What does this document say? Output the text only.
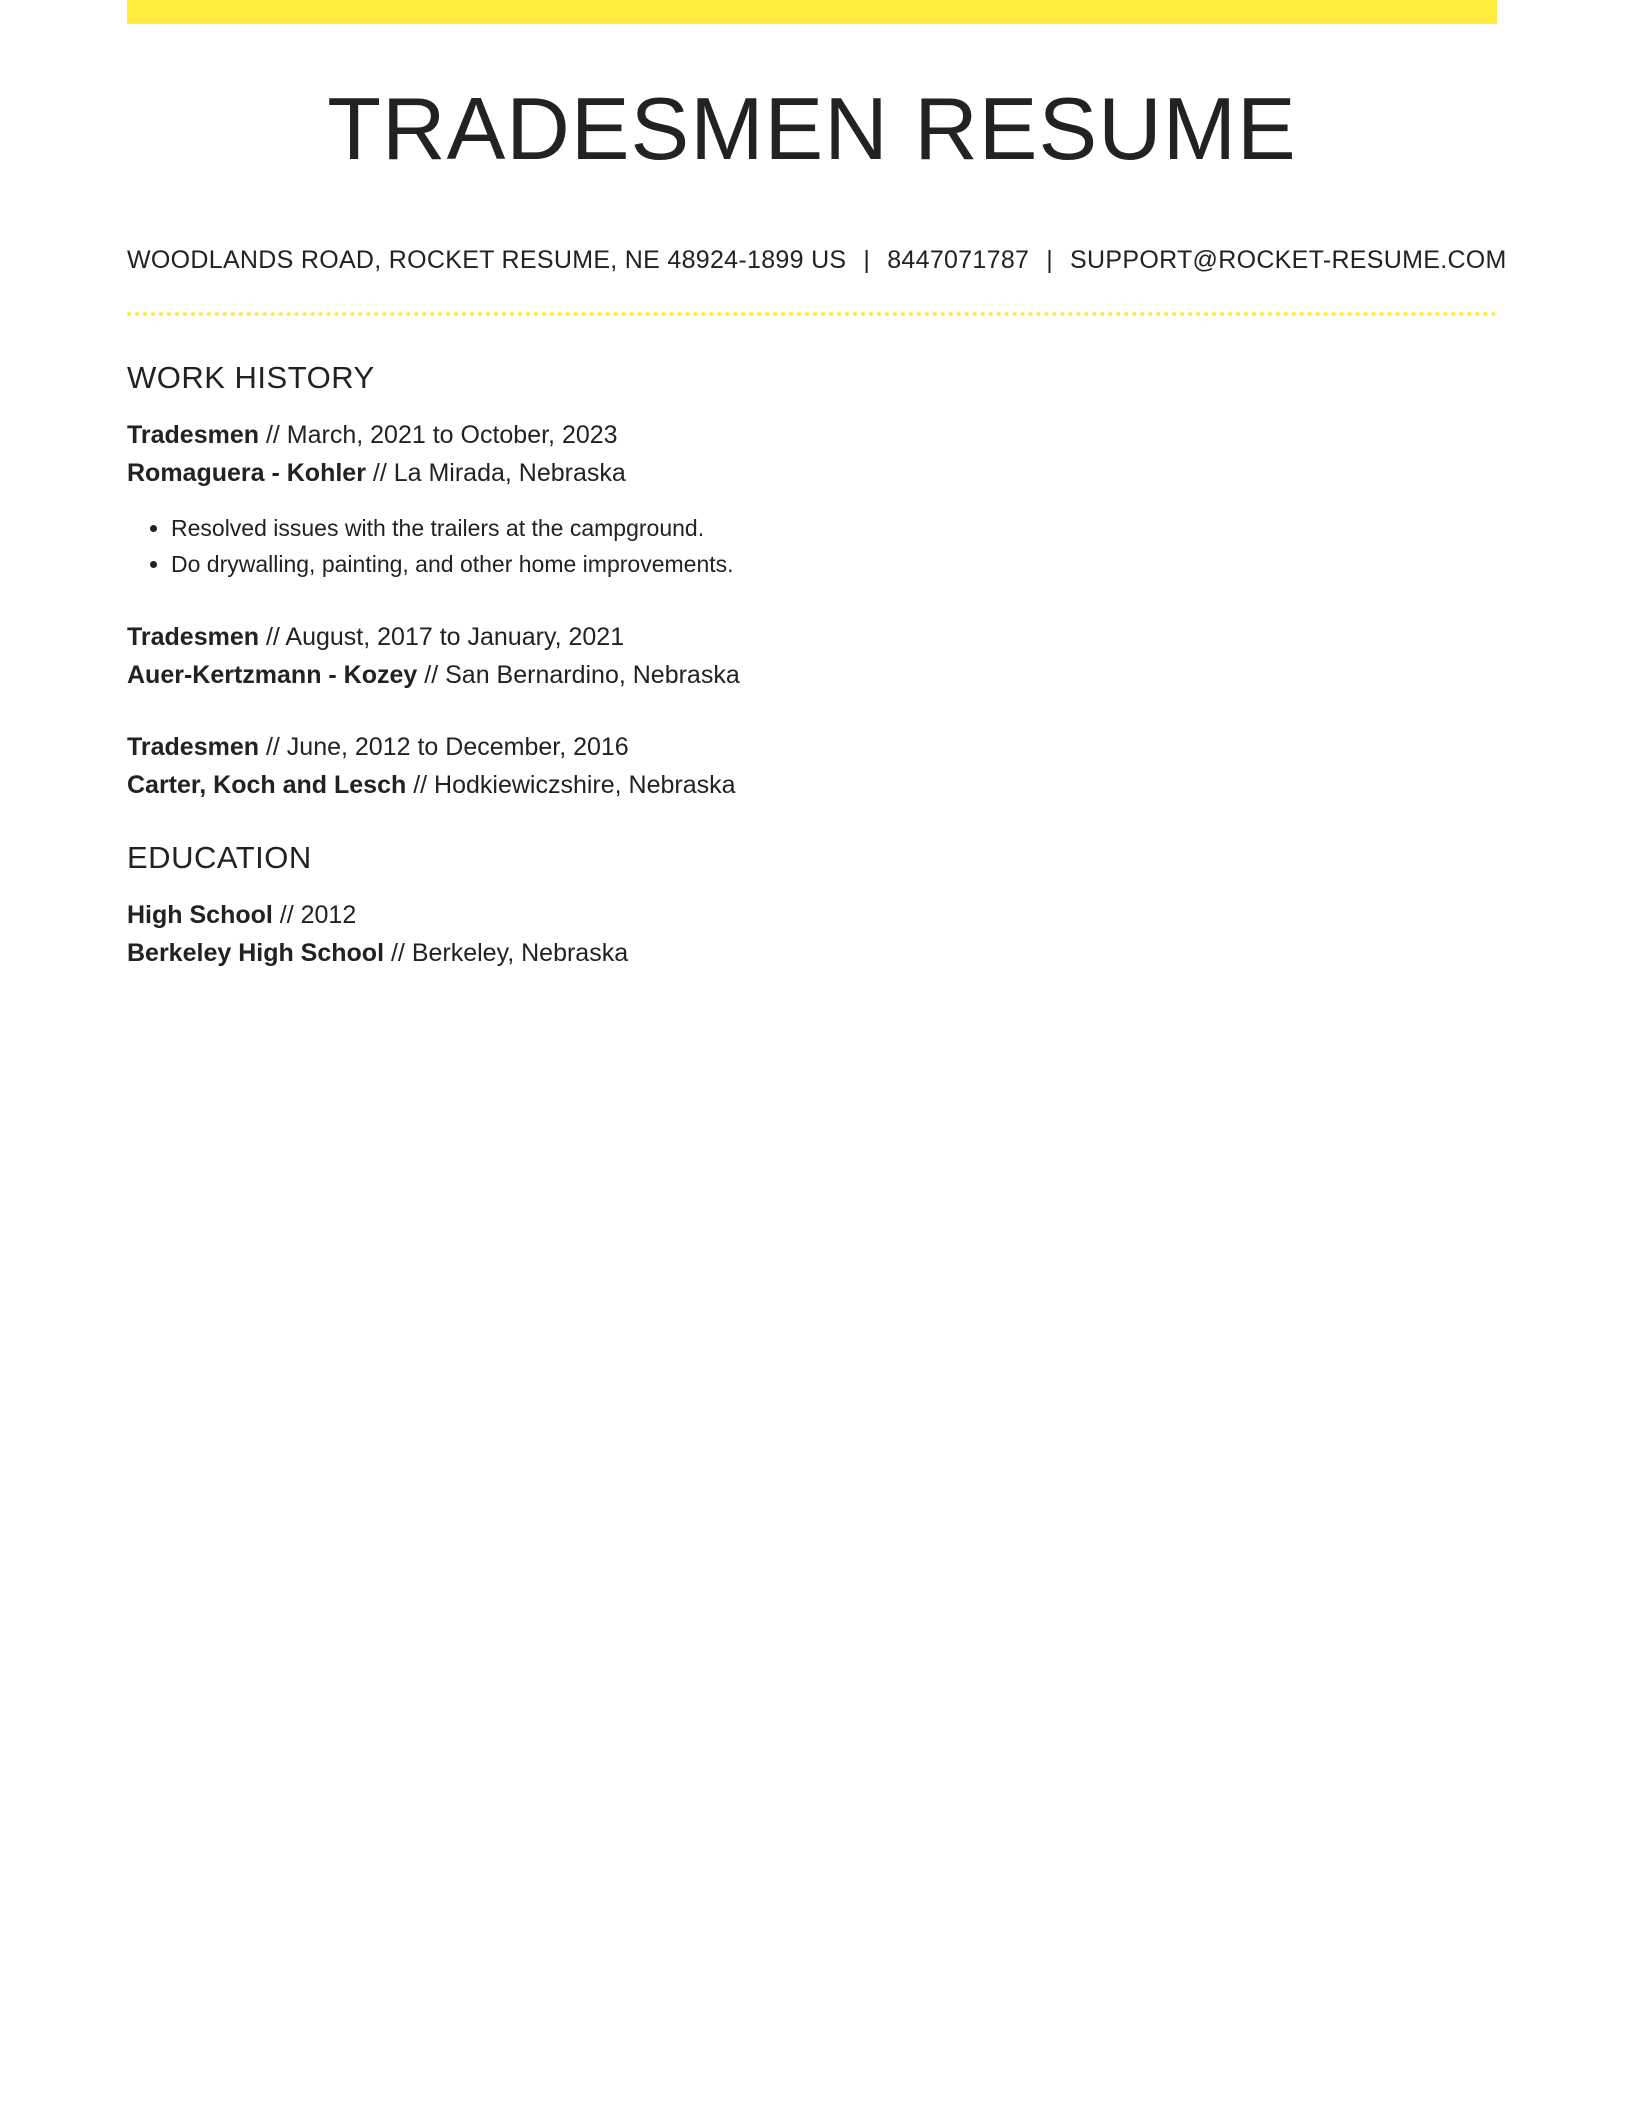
TRADESMEN RESUME
WOODLANDS ROAD, ROCKET RESUME, NE 48924-1899 US | 8447071787 | SUPPORT@ROCKET-RESUME.COM
WORK HISTORY
Tradesmen // March, 2021 to October, 2023
Romaguera - Kohler // La Mirada, Nebraska
• Resolved issues with the trailers at the campground.
• Do drywalling, painting, and other home improvements.
Tradesmen // August, 2017 to January, 2021
Auer-Kertzmann - Kozey // San Bernardino, Nebraska
Tradesmen // June, 2012 to December, 2016
Carter, Koch and Lesch // Hodkiewiczshire, Nebraska
EDUCATION
High School // 2012
Berkeley High School // Berkeley, Nebraska
